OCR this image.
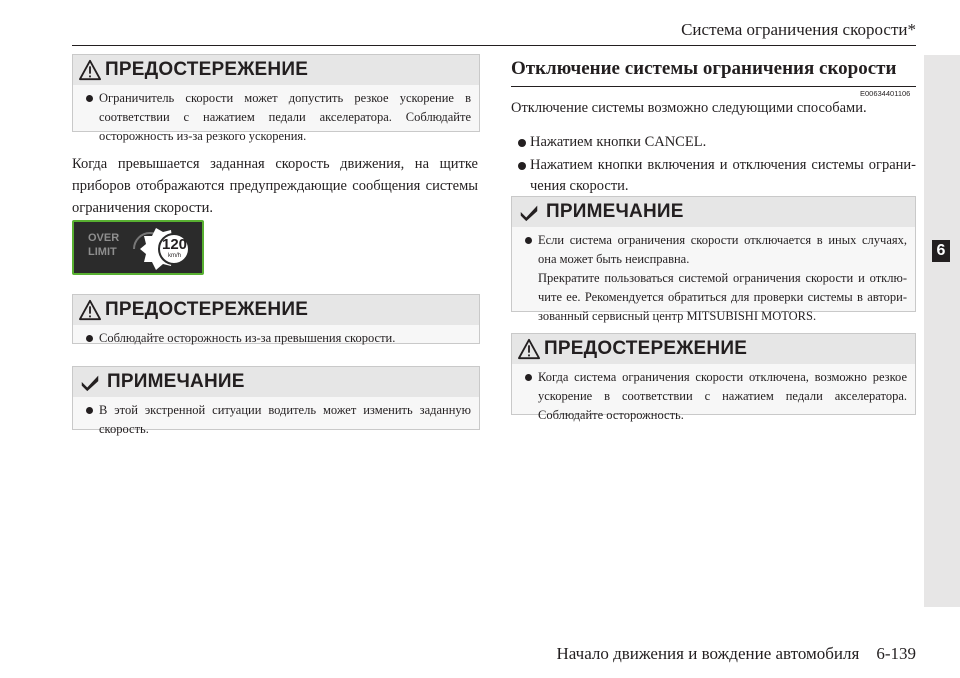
Система ограничения скорости*
6
ПРЕДОСТЕРЕЖЕНИЕ
Ограничитель скорости может допустить резкое ускорение в соответствии с нажатием педали акселератора. Соблюдайте осторожность из-за резкого ускорения.
Когда превышается заданная скорость движения, на щитке приборов отображаются предупреждающие сообщения системы ограничения скорости.
OVER
LIMIT	120
km/h
ПРЕДОСТЕРЕЖЕНИЕ
Соблюдайте осторожность из-за превышения скорости.
ПРИМЕЧАНИЕ
В этой экстренной ситуации водитель может изменить заданную скорость.
Отключение системы ограничения скорости
E00634401106
Отключение системы возможно следующими способами.
Нажатием кнопки CANCEL.
Нажатием кнопки включения и отключения системы ограни-чения скорости.
ПРИМЕЧАНИЕ
Если система ограничения скорости отключается в иных случаях, она может быть неисправна.
Прекратите пользоваться системой ограничения скорости и отклю-чите ее. Рекомендуется обратиться для проверки системы в автори-зованный сервисный центр MITSUBISHI MOTORS.
ПРЕДОСТЕРЕЖЕНИЕ
Когда система ограничения скорости отключена, возможно резкое ускорение в соответствии с нажатием педали акселератора. Соблюдайте осторожность.
Начало движения и вождение автомобиля    6-139
